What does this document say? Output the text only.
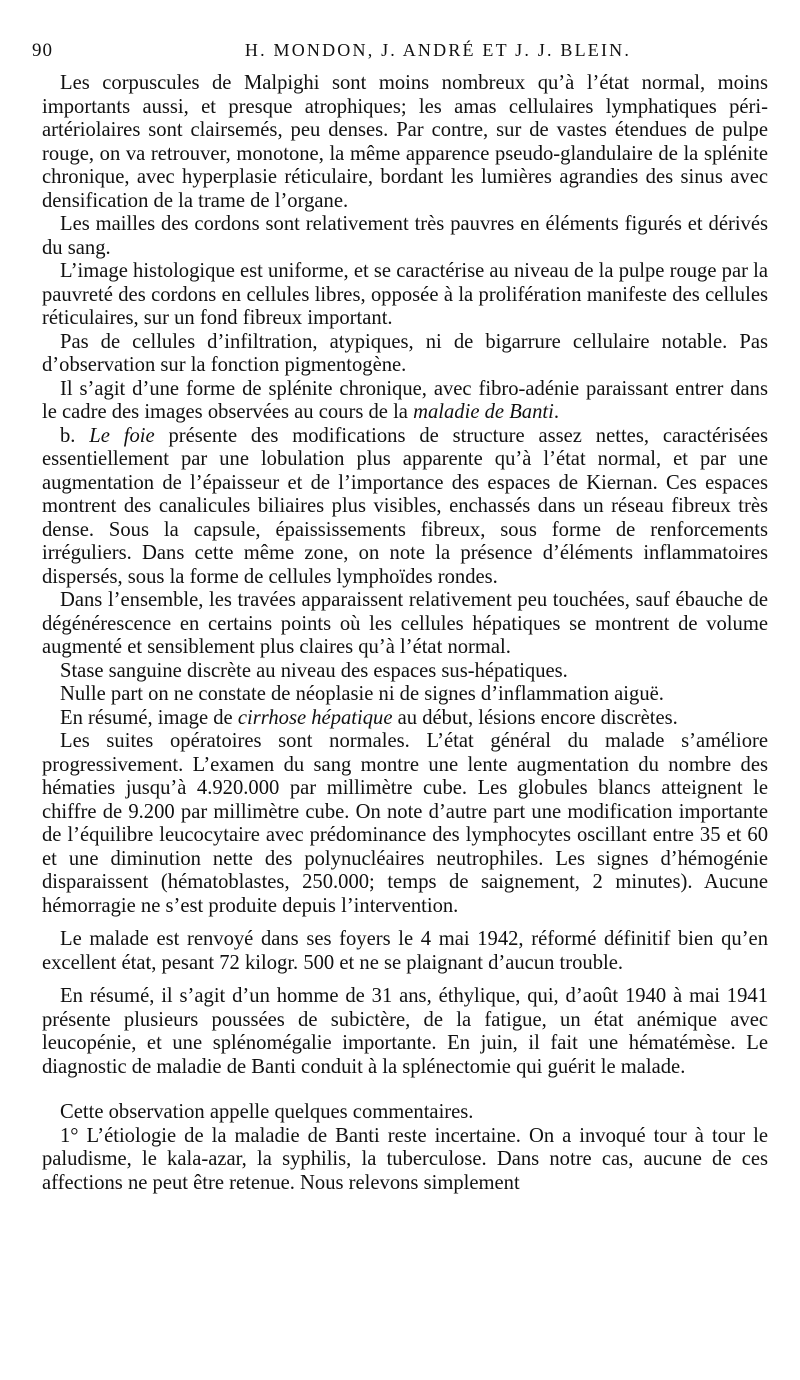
90	H. MONDON, J. ANDRÉ ET J. J. BLEIN.

Les corpuscules de Malpighi sont moins nombreux qu’à l’état normal, moins importants aussi, et presque atrophiques; les amas cellulaires lymphatiques péri-artériolaires sont clairsemés, peu denses. Par contre, sur de vastes étendues de pulpe rouge, on va retrouver, monotone, la même apparence pseudo-glandulaire de la splénite chronique, avec hyperplasie réticulaire, bordant les lumières agrandies des sinus avec densification de la trame de l’organe.

Les mailles des cordons sont relativement très pauvres en éléments figurés et dérivés du sang.

L’image histologique est uniforme, et se caractérise au niveau de la pulpe rouge par la pauvreté des cordons en cellules libres, opposée à la prolifération manifeste des cellules réticulaires, sur un fond fibreux important.

Pas de cellules d’infiltration, atypiques, ni de bigarrure cellulaire notable. Pas d’observation sur la fonction pigmentogène.

Il s’agit d’une forme de splénite chronique, avec fibro-adénie paraissant entrer dans le cadre des images observées au cours de la maladie de Banti.

b. Le foie présente des modifications de structure assez nettes, caractérisées essentiellement par une lobulation plus apparente qu’à l’état normal, et par une augmentation de l’épaisseur et de l’importance des espaces de Kiernan. Ces espaces montrent des canalicules biliaires plus visibles, enchassés dans un réseau fibreux très dense. Sous la capsule, épaississements fibreux, sous forme de renforcements irréguliers. Dans cette même zone, on note la présence d’éléments inflammatoires dispersés, sous la forme de cellules lymphoïdes rondes.

Dans l’ensemble, les travées apparaissent relativement peu touchées, sauf ébauche de dégénérescence en certains points où les cellules hépatiques se montrent de volume augmenté et sensiblement plus claires qu’à l’état normal.

Stase sanguine discrète au niveau des espaces sus-hépatiques.

Nulle part on ne constate de néoplasie ni de signes d’inflammation aiguë.

En résumé, image de cirrhose hépatique au début, lésions encore discrètes.

Les suites opératoires sont normales. L’état général du malade s’améliore progressivement. L’examen du sang montre une lente augmentation du nombre des hématies jusqu’à 4.920.000 par millimètre cube. Les globules blancs atteignent le chiffre de 9.200 par millimètre cube. On note d’autre part une modification importante de l’équilibre leucocytaire avec prédominance des lymphocytes oscillant entre 35 et 60 et une diminution nette des polynucléaires neutrophiles. Les signes d’hémogénie disparaissent (hématoblastes, 250.000; temps de saignement, 2 minutes). Aucune hémorragie ne s’est produite depuis l’intervention.

Le malade est renvoyé dans ses foyers le 4 mai 1942, réformé définitif bien qu’en excellent état, pesant 72 kilogr. 500 et ne se plaignant d’aucun trouble.

En résumé, il s’agit d’un homme de 31 ans, éthylique, qui, d’août 1940 à mai 1941 présente plusieurs poussées de subictère, de la fatigue, un état anémique avec leucopénie, et une splénomégalie importante. En juin, il fait une hématémèse. Le diagnostic de maladie de Banti conduit à la splénectomie qui guérit le malade.

Cette observation appelle quelques commentaires.

1° L’étiologie de la maladie de Banti reste incertaine. On a invoqué tour à tour le paludisme, le kala-azar, la syphilis, la tuberculose. Dans notre cas, aucune de ces affections ne peut être retenue. Nous relevons simplement
